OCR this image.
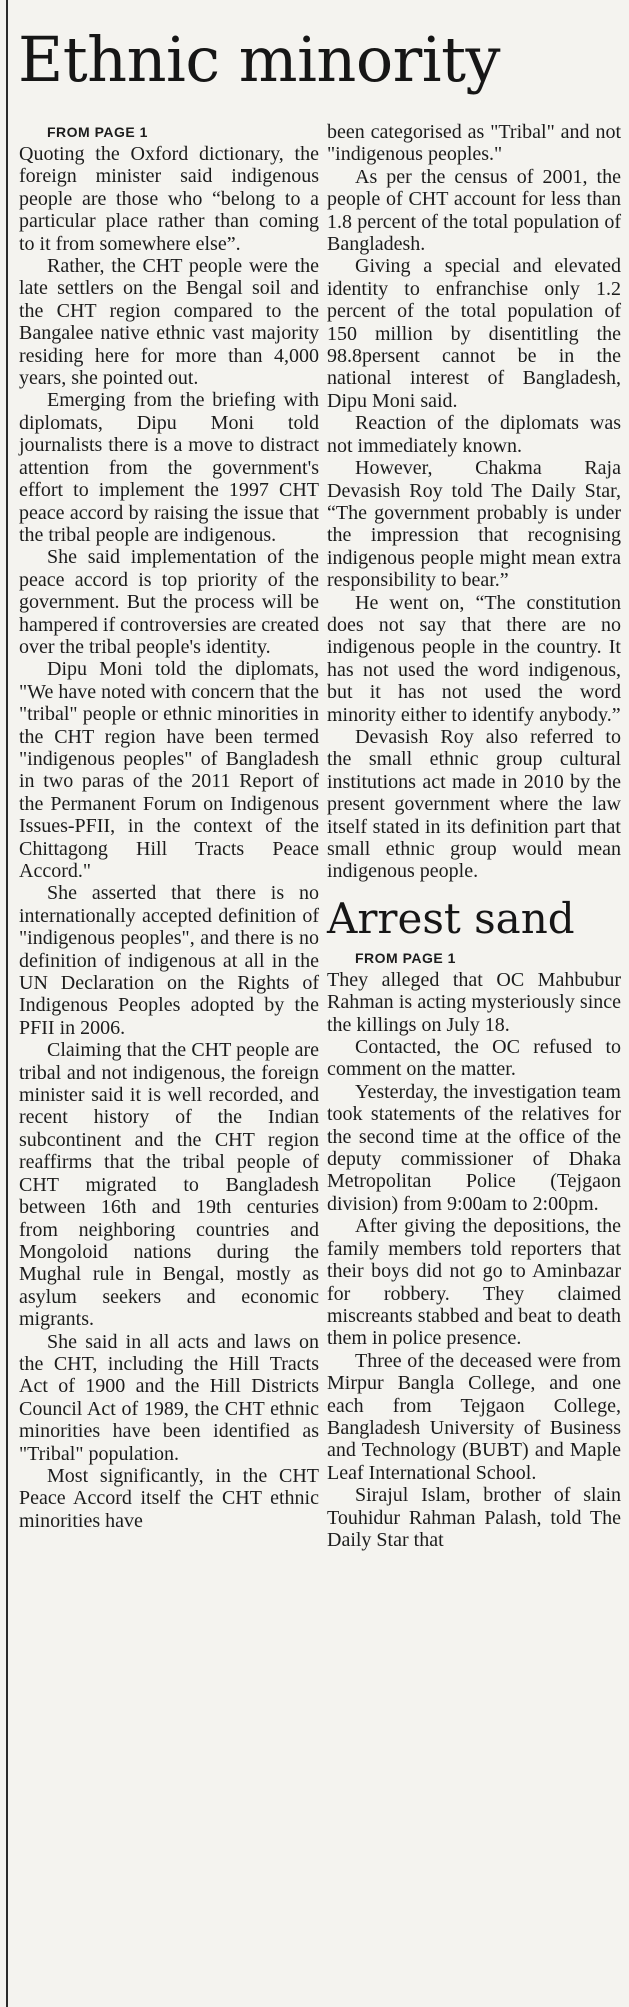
Ethnic minority

FROM PAGE 1

Quoting the Oxford dictionary, the foreign minister said indigenous people are those who “belong to a particular place rather than coming to it from somewhere else”.

Rather, the CHT people were the late settlers on the Bengal soil and the CHT region compared to the Bangalee native ethnic vast majority residing here for more than 4,000 years, she pointed out.

Emerging from the briefing with diplomats, Dipu Moni told journalists there is a move to distract attention from the government's effort to implement the 1997 CHT peace accord by raising the issue that the tribal people are indigenous.

She said implementation of the peace accord is top priority of the government. But the process will be hampered if controversies are created over the tribal people's identity.

Dipu Moni told the diplomats, "We have noted with concern that the "tribal" people or ethnic minorities in the CHT region have been termed "indigenous peoples" of Bangladesh in two paras of the 2011 Report of the Permanent Forum on Indigenous Issues-PFII, in the context of the Chittagong Hill Tracts Peace Accord."

She asserted that there is no internationally accepted definition of "indigenous peoples", and there is no definition of indigenous at all in the UN Declaration on the Rights of Indigenous Peoples adopted by the PFII in 2006.

Claiming that the CHT people are tribal and not indigenous, the foreign minister said it is well recorded, and recent history of the Indian subcontinent and the CHT region reaffirms that the tribal people of CHT migrated to Bangladesh between 16th and 19th centuries from neighboring countries and Mongoloid nations during the Mughal rule in Bengal, mostly as asylum seekers and economic migrants.

She said in all acts and laws on the CHT, including the Hill Tracts Act of 1900 and the Hill Districts Council Act of 1989, the CHT ethnic minorities have been identified as "Tribal" population.

Most significantly, in the CHT Peace Accord itself the CHT ethnic minorities have

been categorised as "Tribal" and not "indigenous peoples."

As per the census of 2001, the people of CHT account for less than 1.8 percent of the total population of Bangladesh.

Giving a special and elevated identity to enfranchise only 1.2 percent of the total population of 150 million by disentitling the 98.8persent cannot be in the national interest of Bangladesh, Dipu Moni said.

Reaction of the diplomats was not immediately known.

However, Chakma Raja Devasish Roy told The Daily Star, “The government probably is under the impression that recognising indigenous people might mean extra responsibility to bear.”

He went on, “The constitution does not say that there are no indigenous people in the country. It has not used the word indigenous, but it has not used the word minority either to identify anybody.”

Devasish Roy also referred to the small ethnic group cultural institutions act made in 2010 by the present government where the law itself stated in its definition part that small ethnic group would mean indigenous people.

Arrest sand

FROM PAGE 1

They alleged that OC Mahbubur Rahman is acting mysteriously since the killings on July 18.

Contacted, the OC refused to comment on the matter.

Yesterday, the investigation team took statements of the relatives for the second time at the office of the deputy commissioner of Dhaka Metropolitan Police (Tejgaon division) from 9:00am to 2:00pm.

After giving the depositions, the family members told reporters that their boys did not go to Aminbazar for robbery. They claimed miscreants stabbed and beat to death them in police presence.

Three of the deceased were from Mirpur Bangla College, and one each from Tejgaon College, Bangladesh University of Business and Technology (BUBT) and Maple Leaf International School.

Sirajul Islam, brother of slain Touhidur Rahman Palash, told The Daily Star that
